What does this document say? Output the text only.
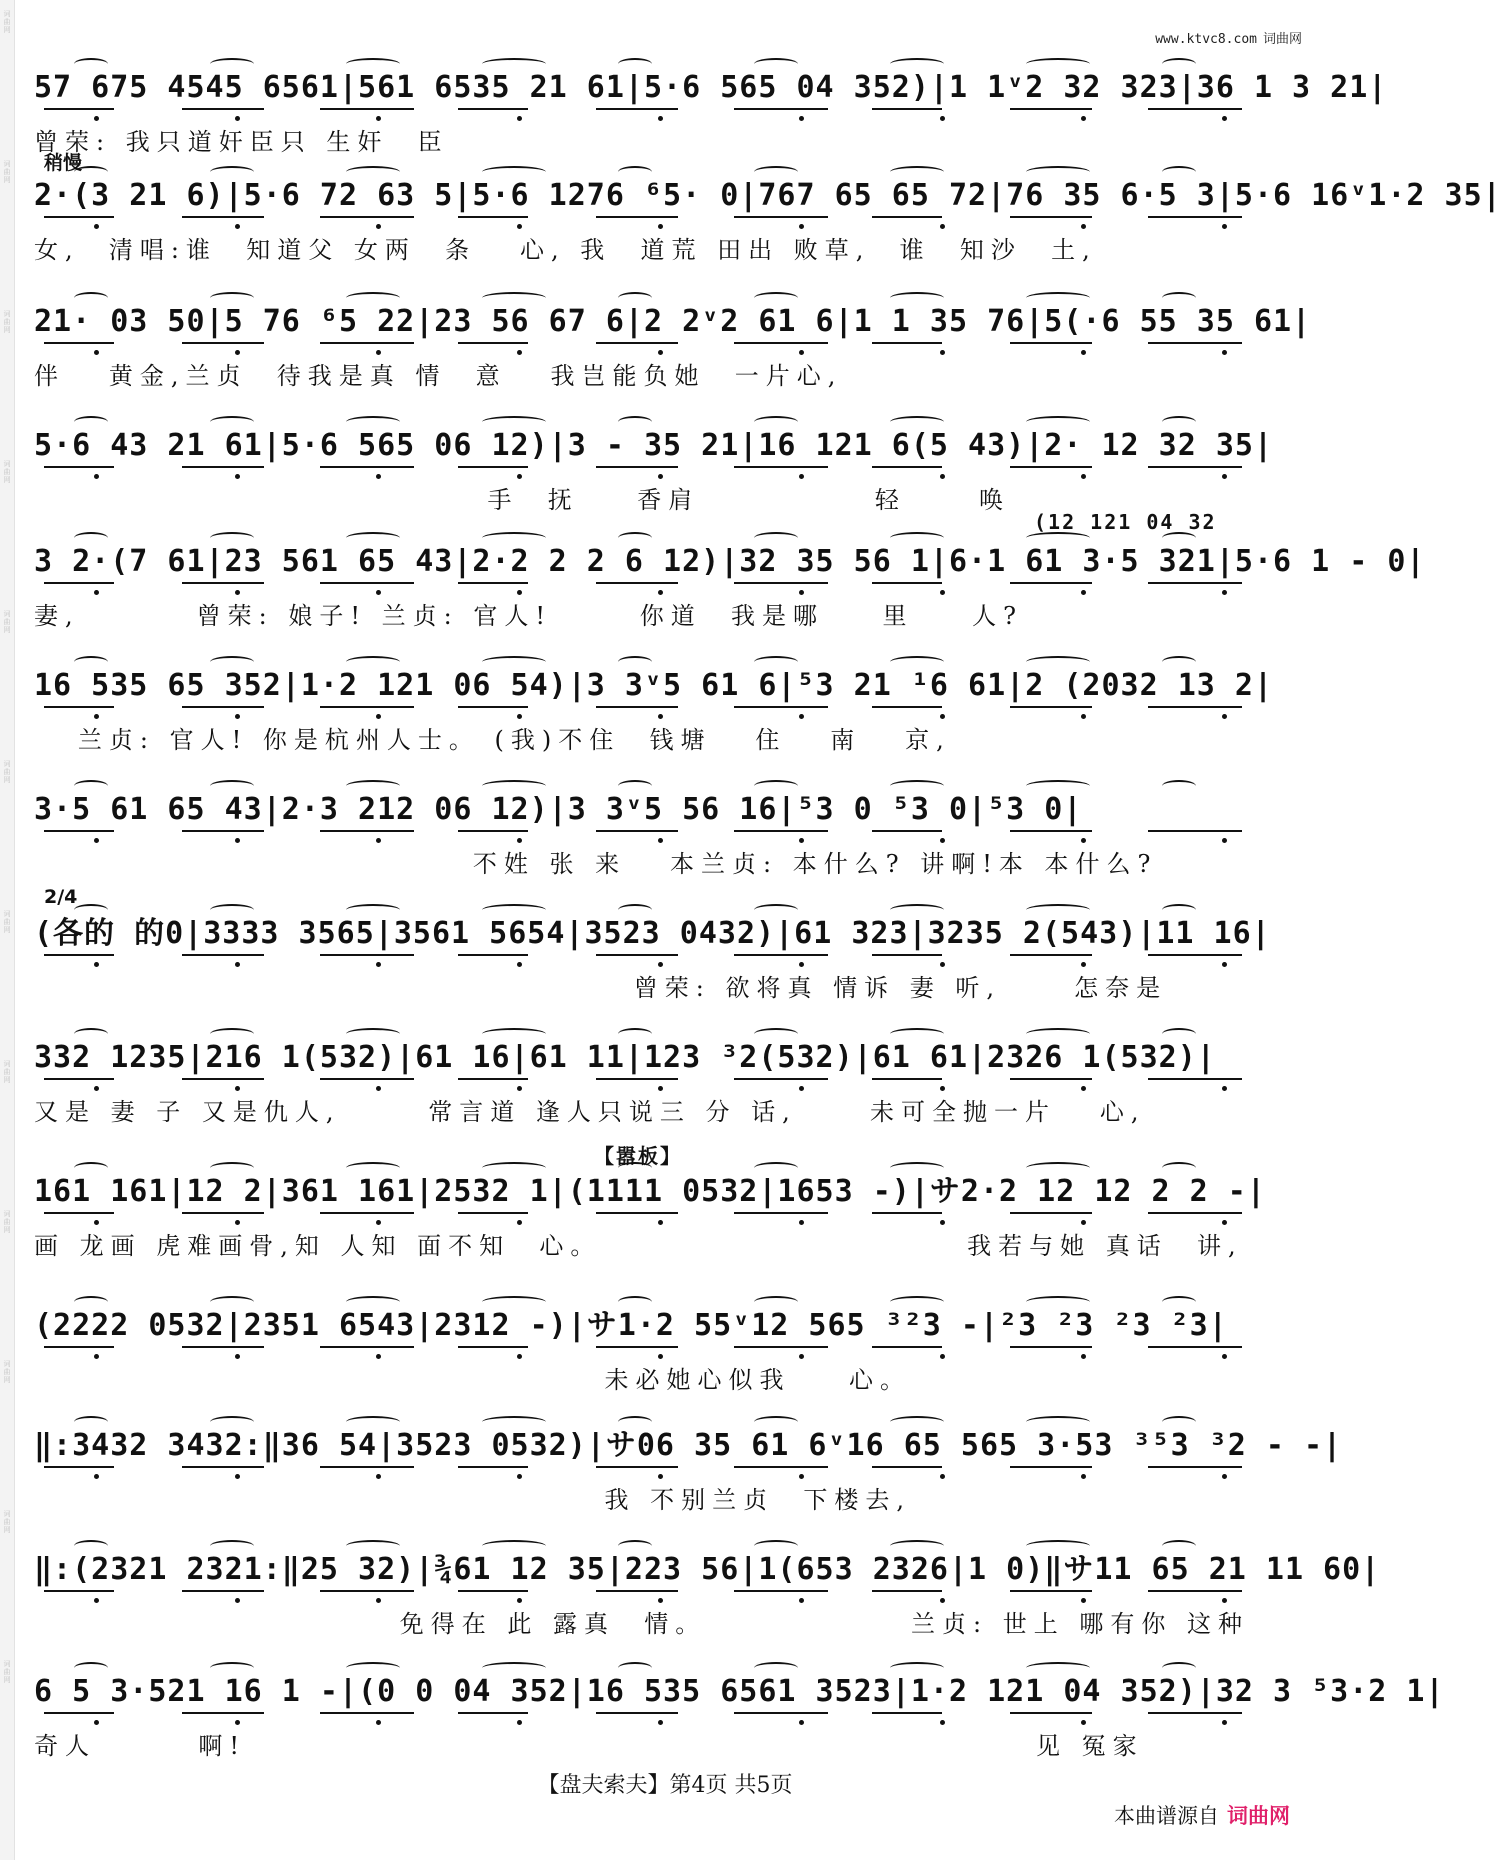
词曲网
词曲网
词曲网
词曲网
词曲网
词曲网
词曲网
词曲网
词曲网
词曲网
词曲网
词曲网
www.ktvc8.com 词曲网
57 675 4545 6561|561 6535 21 61|5·6 565 04 352)|1 1ᵛ2 32 323|36 1 3 21|
曾荣: 我只道奸臣只 生奸  臣
稍慢
2·(3 21 6)|5·6 72 63 5|5·6 1276 ⁶5· 0|767 65 65 72|76 35 6·5 3|5·6 16ᵛ1·2 35|
女,  清唱:谁  知道父 女两  条   心, 我  道荒 田出 败草,  谁  知沙  土,
21· 03 50|5 76 ⁶5 22|23 56 67 6|2 2ᵛ2 61 6|1 1 35 76|5(·6 55 35 61|
伴   黄金,兰贞  待我是真 情  意   我岂能负她  一片心,
5·6 43 21 61|5·6 565 06 12)|3 - 35 21|16 121 6(5 43)|2· 12 32 35|
手  抚    香肩            轻     唤
(12 121 04 32
3 2·(7 61|23 561 65 43|2·2 2 2 6 12)|32 35 56 1|6·1 61 3·5 321|5·6 1 - 0|
妻,        曾荣: 娘子! 兰贞: 官人!      你道  我是哪    里    人?
16 535 65 352|1·2 121 06 54)|3 3ᵛ5 61 6|⁵3 21 ¹6 61|2 (2032 13 2|
兰贞: 官人! 你是杭州人士。 (我)不住  钱塘   住   南   京,
3·5 61 65 43|2·3 212 06 12)|3 3ᵛ5 56 16|⁵3 0 ⁵3 0|⁵3 0|
不姓 张 来   本兰贞: 本什么? 讲啊!本 本什么?
2/4
(各的 的0|3333 3565|3561 5654|3523 0432)|61 323|3235 2(543)|11 16|
曾荣: 欲将真 情诉 妻 听,     怎奈是
332 1235|216 1(532)|61 16|61 11|123 ³2(532)|61 61|2326 1(532)|
又是 妻 子 又是仇人,      常言道 逢人只说三 分 话,     未可全抛一片   心,
【嚣板】
161 161|12 2|361 161|2532 1|(1111 0532|1653 -)|サ2·2 12 12 2 2 -|
画 龙画 虎难画骨,知 人知 面不知  心。                         我若与她 真话  讲,
(2222 0532|2351 6543|2312 -)|サ1·2 55ᵛ12 565 ³²3 -|²3 ²3 ²3 ²3|
未必她心似我    心。
‖:3432 3432:‖36 54|3523 0532)|サ06 35 61 6ᵛ16 65 565 3·53 ³⁵3 ³2 - -|
我 不别兰贞  下楼去,
‖:(2321 2321:‖25 32)|¾61 12 35|223 56|1(653 2326|1 0)‖サ11 65 21 11 60|
免得在 此 露真  情。              兰贞: 世上 哪有你 这种
6 5 3·521 16 1 -|(0 0 04 352|16 535 6561 3523|1·2 121 04 352)|32 3 ⁵3·2 1|
奇人       啊!                                                      见 冤家
【盘夫索夫】第4页 共5页
本曲谱源自 词曲网
